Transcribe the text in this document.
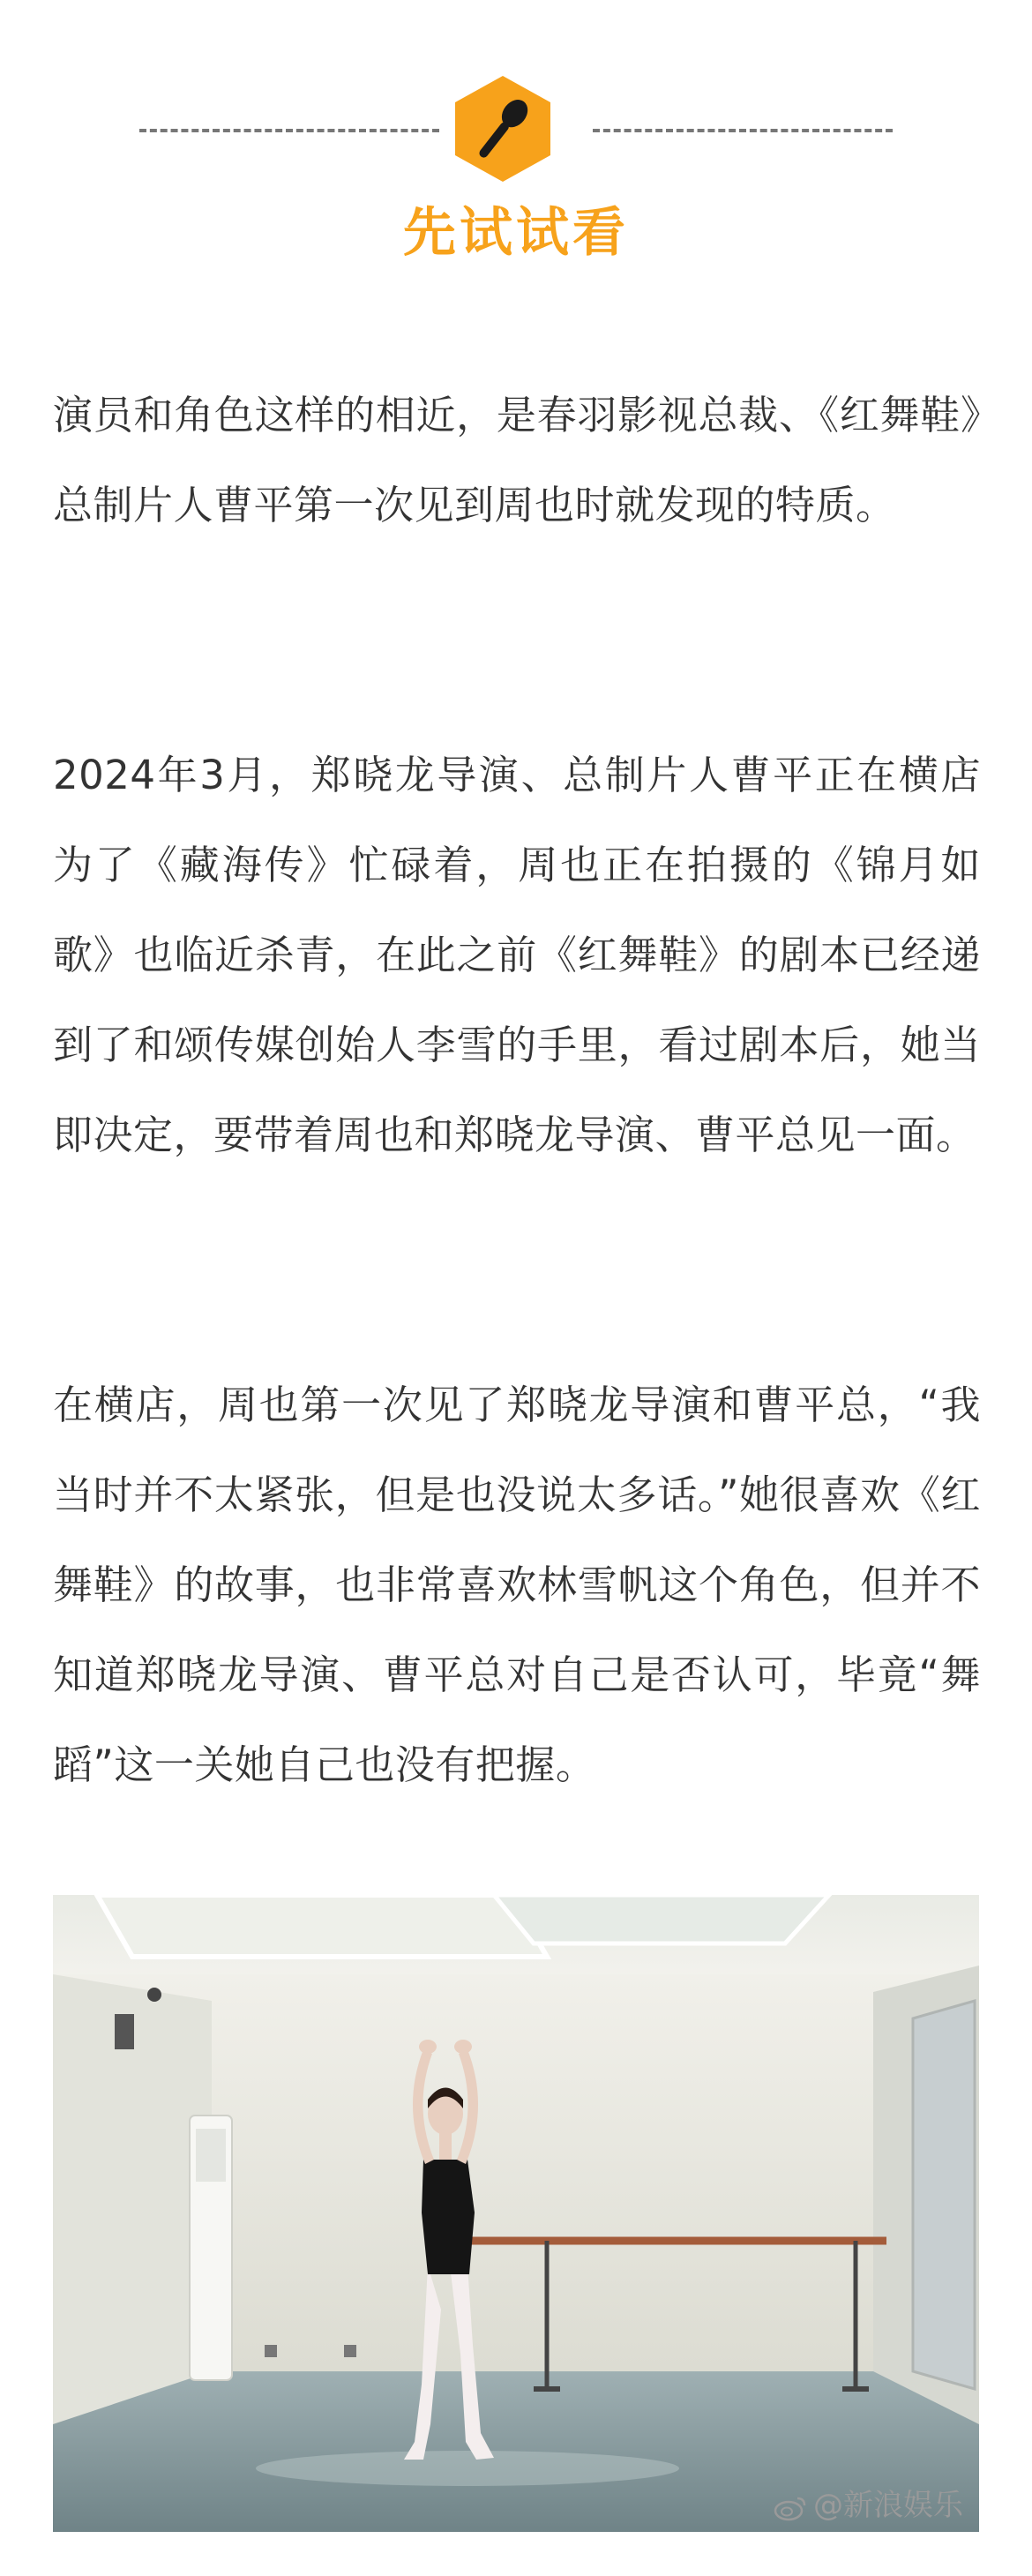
先试试看

演员和角色这样的相近，是春羽影视总裁、《红舞鞋》总制片人曹平第一次见到周也时就发现的特质。

2024年3月，郑晓龙导演、总制片人曹平正在横店为了《藏海传》忙碌着，周也正在拍摄的《锦月如歌》也临近杀青，在此之前《红舞鞋》的剧本已经递到了和颂传媒创始人李雪的手里，看过剧本后，她当即决定，要带着周也和郑晓龙导演、曹平总见一面。

在横店，周也第一次见了郑晓龙导演和曹平总，“我当时并不太紧张，但是也没说太多话。”她很喜欢《红舞鞋》的故事，也非常喜欢林雪帆这个角色，但并不知道郑晓龙导演、曹平总对自己是否认可，毕竟“舞蹈”这一关她自己也没有把握。

@新浪娱乐
